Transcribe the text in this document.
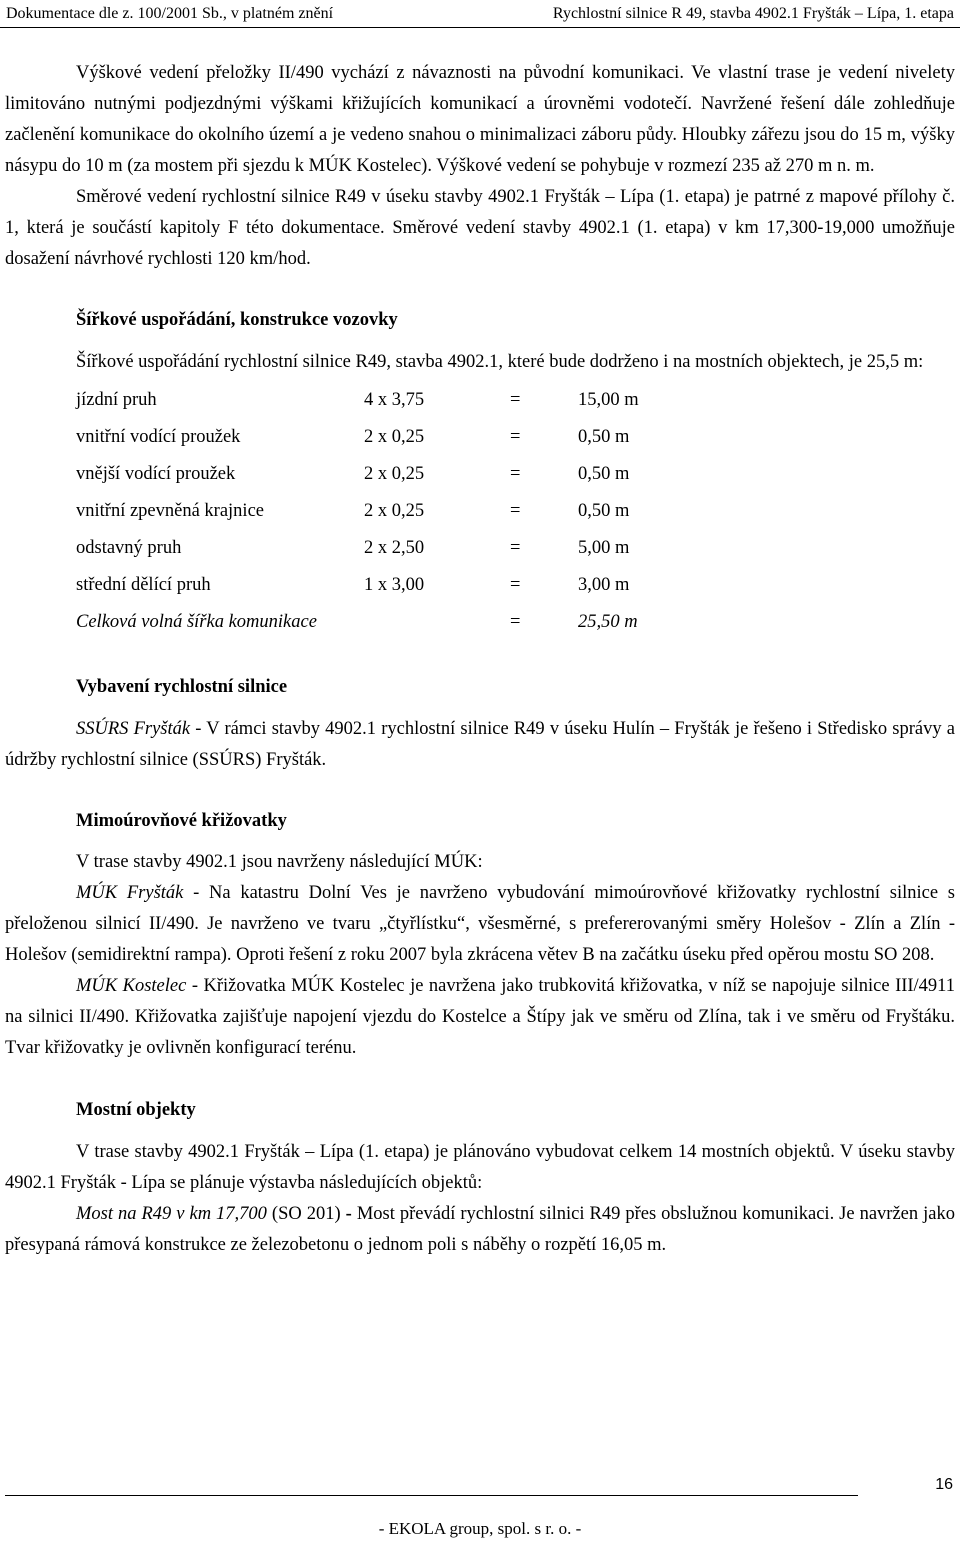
Dokumentace dle z. 100/2001 Sb., v platném znění	Rychlostní silnice R 49, stavba 4902.1 Fryšták – Lípa, 1. etapa

Výškové vedení přeložky II/490 vychází z návaznosti na původní komunikaci. Ve vlastní trase je vedení nivelety limitováno nutnými podjezdnými výškami křižujících komunikací a úrovněmi vodotečí. Navržené řešení dále zohledňuje začlenění komunikace do okolního území a je vedeno snahou o minimalizaci záboru půdy. Hloubky zářezu jsou do 15 m, výšky násypu do 10 m (za mostem při sjezdu k MÚK Kostelec). Výškové vedení se pohybuje v rozmezí 235 až 270 m n. m.

Směrové vedení rychlostní silnice R49 v úseku stavby 4902.1 Fryšták – Lípa (1. etapa) je patrné z mapové přílohy č. 1, která je součástí kapitoly F této dokumentace. Směrové vedení stavby 4902.1 (1. etapa) v km 17,300-19,000 umožňuje dosažení návrhové rychlosti 120 km/hod.

Šířkové uspořádání, konstrukce vozovky

Šířkové uspořádání rychlostní silnice R49, stavba 4902.1, které bude dodrženo i na mostních objektech, je 25,5 m:

jízdní pruh	4 x 3,75	=	15,00 m
vnitřní vodící proužek	2 x 0,25	=	0,50 m
vnější vodící proužek	2 x 0,25	=	0,50 m
vnitřní zpevněná krajnice	2 x 0,25	=	0,50 m
odstavný pruh	2 x 2,50	=	5,00 m
střední dělící pruh	1 x 3,00	=	3,00 m
Celková volná šířka komunikace		=	25,50 m

Vybavení rychlostní silnice

SSÚRS Fryšták - V rámci stavby 4902.1 rychlostní silnice R49 v úseku Hulín – Fryšták je řešeno i Středisko správy a údržby rychlostní silnice (SSÚRS) Fryšták.

Mimoúrovňové křižovatky

V trase stavby 4902.1 jsou navrženy následující MÚK:

MÚK Fryšták - Na katastru Dolní Ves je navrženo vybudování mimoúrovňové křižovatky rychlostní silnice s přeloženou silnicí II/490. Je navrženo ve tvaru „čtyřlístku“, všesměrné, s prefererovanými směry Holešov - Zlín a Zlín - Holešov (semidirektní rampa). Oproti řešení z roku 2007 byla zkrácena větev B na začátku úseku před opěrou mostu SO 208.

MÚK Kostelec - Křižovatka MÚK Kostelec je navržena jako trubkovitá křižovatka, v níž se napojuje silnice III/4911 na silnici II/490. Křižovatka zajišťuje napojení vjezdu do Kostelce a Štípy jak ve směru od Zlína, tak i ve směru od Fryštáku. Tvar křižovatky je ovlivněn konfigurací terénu.

Mostní objekty

V trase stavby 4902.1 Fryšták – Lípa (1. etapa) je plánováno vybudovat celkem 14 mostních objektů. V úseku stavby 4902.1 Fryšták - Lípa se plánuje výstavba následujících objektů:

Most na R49 v km 17,700 (SO 201) - Most převádí rychlostní silnici R49 přes obslužnou komunikaci. Je navržen jako přesypaná rámová konstrukce ze železobetonu o jednom poli s náběhy o rozpětí 16,05 m.

16
- EKOLA group, spol. s r. o. -
